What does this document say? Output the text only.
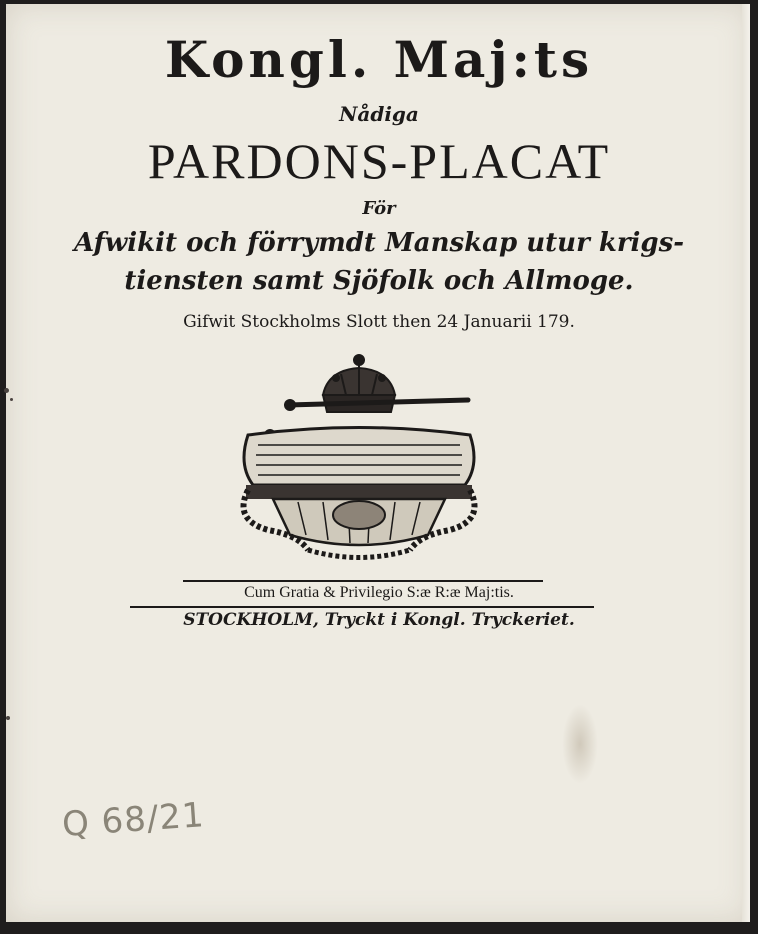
Kongl. Maj:ts
Nådiga
PARDONS-PLACAT
För
Afwikit och förrymdt Manskap utur krigs-
tiensten samt Sjöfolk och Allmoge.
Gifwit Stockholms Slott then 24 Januarii 179.
Cum Gratia & Privilegio S:æ R:æ Maj:tis.
STOCKHOLM, Tryckt i Kongl. Tryckeriet.
Q 68/21
